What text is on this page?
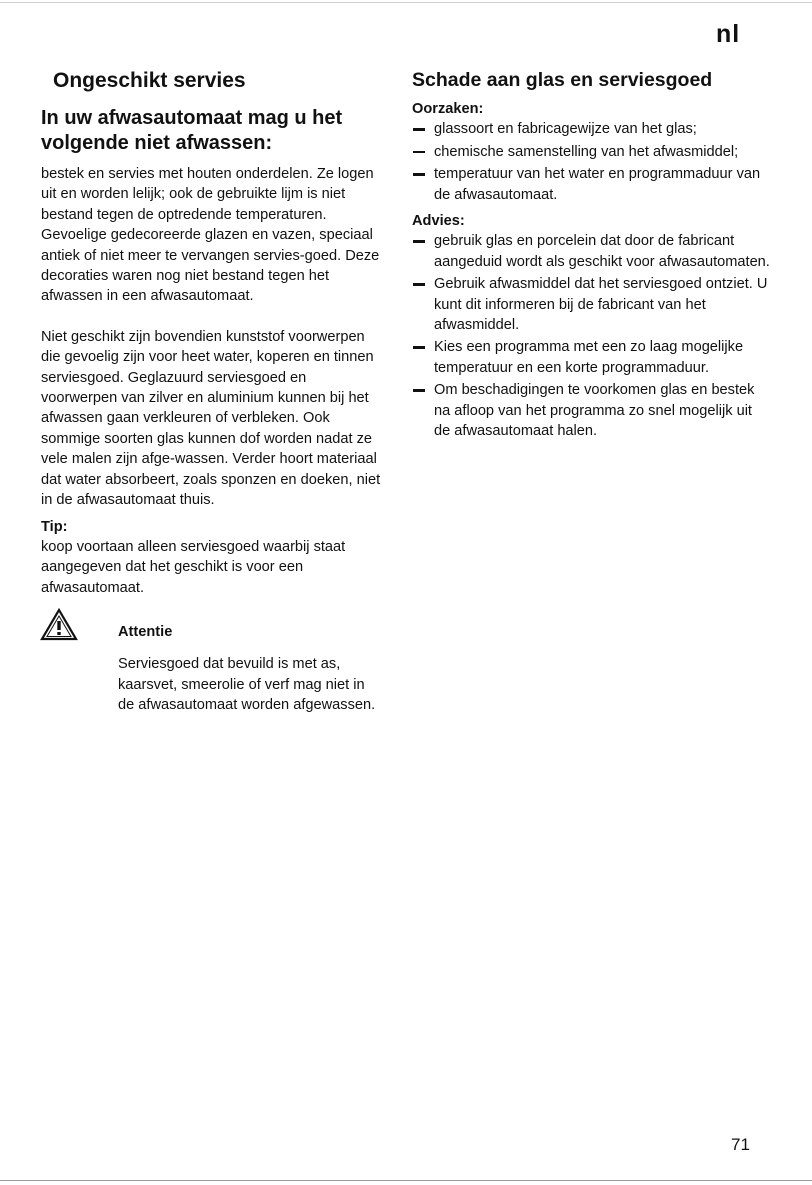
nl
Ongeschikt servies
In uw afwasautomaat mag u het volgende niet afwassen:

bestek en servies met houten onderdelen. Ze logen uit en worden lelijk; ook de gebruikte lijm is niet bestand tegen de optredende temperaturen. Gevoelige gedecoreerde glazen en vazen, speciaal antiek of niet meer te vervangen servies-goed. Deze decoraties waren nog niet bestand tegen het afwassen in een afwasautomaat.

Niet geschikt zijn bovendien kunststof voorwerpen die gevoelig zijn voor heet water, koperen en tinnen serviesgoed. Geglazuurd serviesgoed en voorwerpen van zilver en aluminium kunnen bij het afwassen gaan verkleuren of verbleken. Ook sommige soorten glas kunnen dof worden nadat ze vele malen zijn afge-wassen. Verder hoort materiaal dat water absorbeert, zoals sponzen en doeken, niet in de afwasautomaat thuis.

Tip:

koop voortaan alleen serviesgoed waarbij staat aangegeven dat het geschikt is voor een afwasautomaat.

Attentie
Serviesgoed dat bevuild is met as, kaarsvet, smeerolie of verf mag niet in de afwasautomaat worden afgewassen.
Schade aan glas en serviesgoed
Oorzaken:
glassoort en fabricagewijze van het glas;
chemische samenstelling van het afwasmiddel;
temperatuur van het water en programmaduur van de afwasautomaat.
Advies:
gebruik glas en porcelein dat door de fabricant aangeduid wordt als geschikt voor afwasautomaten.
Gebruik afwasmiddel dat het serviesgoed ontziet. U kunt dit informeren bij de fabricant van het afwasmiddel.
Kies een programma met een zo laag mogelijke temperatuur en een korte programmaduur.
Om beschadigingen te voorkomen glas en bestek na afloop van het programma zo snel mogelijk uit de afwasautomaat halen.
71
